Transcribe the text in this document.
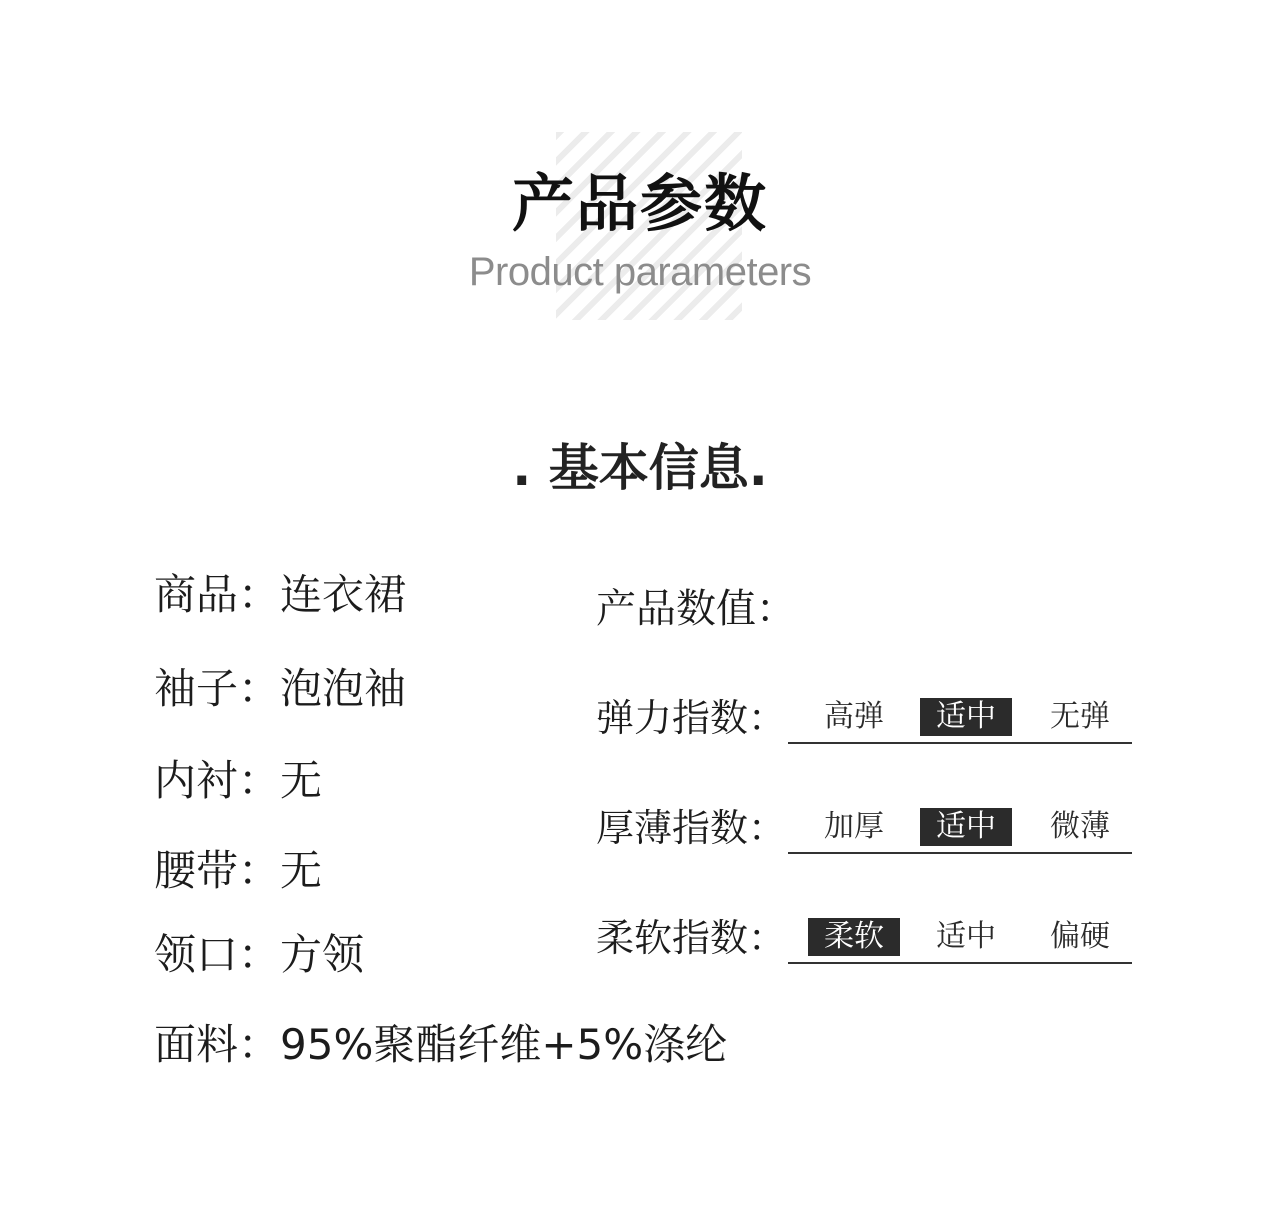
产品参数
Product parameters
. 基本信息.
商品：连衣裙
袖子：泡泡袖
内衬：无
腰带：无
领口：方领
面料：95%聚酯纤维+5%涤纶
产品数值：
弹力指数：	高弹	适中	无弹
厚薄指数：	加厚	适中	微薄
柔软指数：	柔软	适中	偏硬
